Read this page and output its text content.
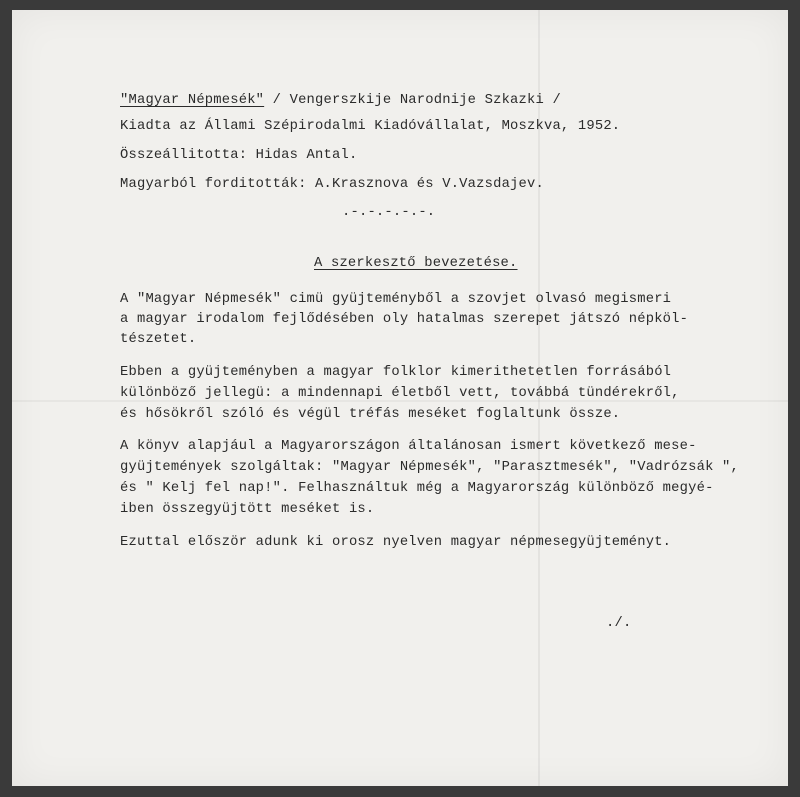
"Magyar Népmesék" / Vengerszkije Narodnije Szkazki /
Kiadta az Állami Szépirodalmi Kiadóvállalat, Moszkva, 1952.
Összeállitotta: Hidas Antal.
Magyarból forditották: A.Krasznova és V.Vazsdajev.
.-.-.-.-.-.
A szerkesztő bevezetése.
A "Magyar Népmesék" cimü gyüjteményből a szovjet olvasó megismeri
a magyar irodalom fejlődésében oly hatalmas szerepet játszó népköl-
tészetet.
Ebben a gyüjteményben a magyar folklor kimerithetetlen forrásából
különböző jellegü: a mindennapi életből vett, továbbá tündérekről,
és hősökről szóló és végül tréfás meséket foglaltunk össze.
A könyv alapjául a Magyarországon általánosan ismert következő mese-
gyüjtemények szolgáltak: "Magyar Népmesék", "Parasztmesék", "Vadrózsák ",
és " Kelj fel nap!". Felhasználtuk még a Magyarország különböző megyé-
iben összegyüjtött meséket is.
Ezuttal először adunk ki orosz nyelven magyar népmesegyüjteményt.
./.
